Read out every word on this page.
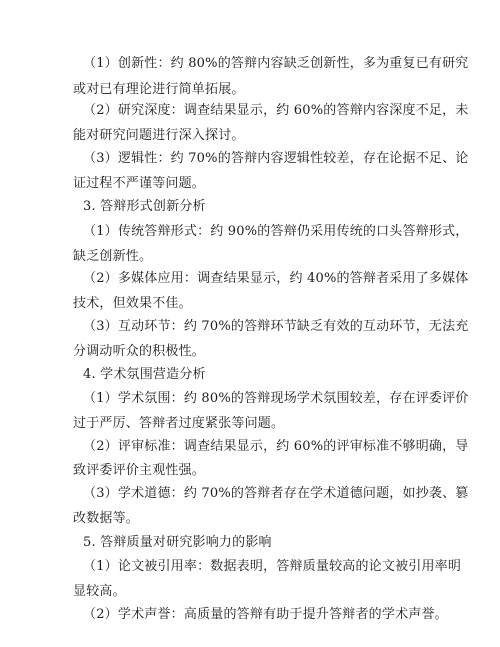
（1）创新性：约 80%的答辩内容缺乏创新性，多为重复已有研究
或对已有理论进行简单拓展。
（2）研究深度：调查结果显示，约 60%的答辩内容深度不足，未
能对研究问题进行深入探讨。
（3）逻辑性：约 70%的答辩内容逻辑性较差，存在论据不足、论
证过程不严谨等问题。
3. 答辩形式创新分析
（1）传统答辩形式：约 90%的答辩仍采用传统的口头答辩形式，
缺乏创新性。
（2）多媒体应用：调查结果显示，约 40%的答辩者采用了多媒体
技术，但效果不佳。
（3）互动环节：约 70%的答辩环节缺乏有效的互动环节，无法充
分调动听众的积极性。
4. 学术氛围营造分析
（1）学术氛围：约 80%的答辩现场学术氛围较差，存在评委评价
过于严厉、答辩者过度紧张等问题。
（2）评审标准：调查结果显示，约 60%的评审标准不够明确，导
致评委评价主观性强。
（3）学术道德：约 70%的答辩者存在学术道德问题，如抄袭、篡
改数据等。
5. 答辩质量对研究影响力的影响
（1）论文被引用率：数据表明，答辩质量较高的论文被引用率明
显较高。
（2）学术声誉：高质量的答辩有助于提升答辩者的学术声誉。
